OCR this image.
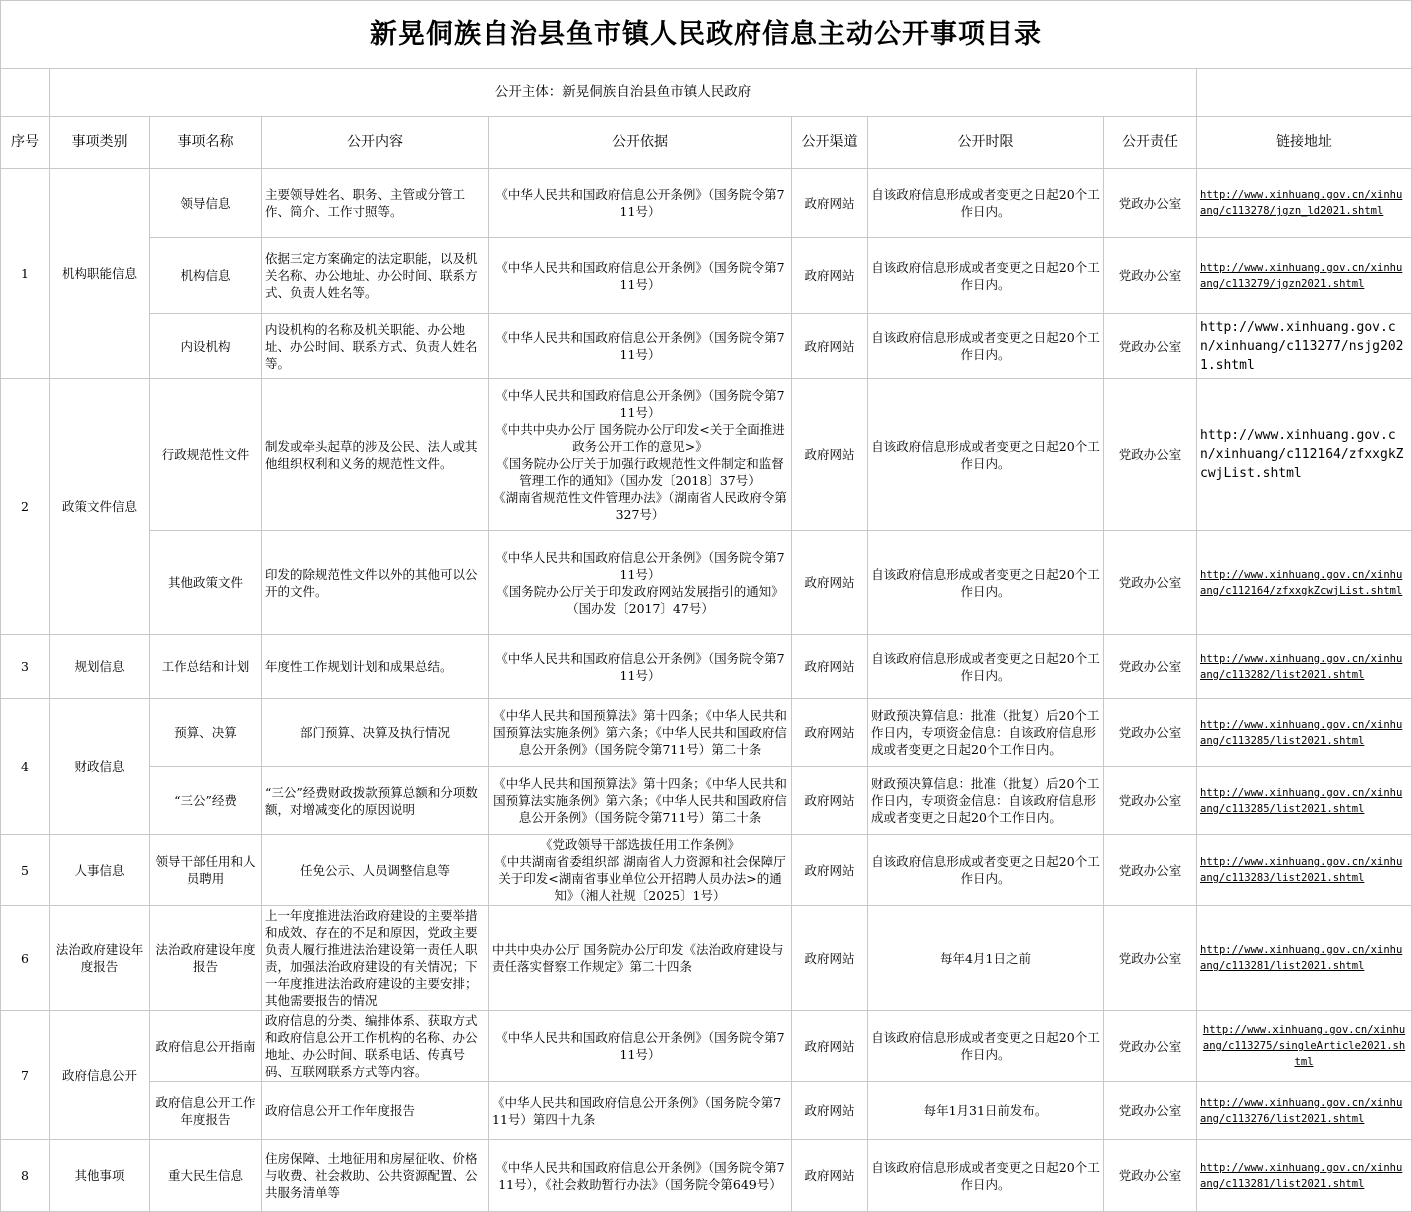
新晃侗族自治县鱼市镇人民政府信息主动公开事项目录								
	公开主体：新晃侗族自治县鱼市镇人民政府							
序号	事项类别	事项名称	公开内容	公开依据	公开渠道	公开时限	公开责任	链接地址
1	机构职能信息	领导信息	主要领导姓名、职务、主管或分管工作、简介、工作寸照等。	《中华人民共和国政府信息公开条例》（国务院令第711号）	政府网站	自该政府信息形成或者变更之日起20个工作日内。	党政办公室	http://www.xinhuang.gov.cn/xinhuang/c113278/jgzn_ld2021.shtml

		机构信息	依据三定方案确定的法定职能，以及机关名称、办公地址、办公时间、联系方式、负责人姓名等。	《中华人民共和国政府信息公开条例》（国务院令第711号）	政府网站	自该政府信息形成或者变更之日起20个工作日内。	党政办公室	http://www.xinhuang.gov.cn/xinhuang/c113279/jgzn2021.shtml

		内设机构	内设机构的名称及机关职能、办公地址、办公时间、联系方式、负责人姓名等。	《中华人民共和国政府信息公开条例》（国务院令第711号）	政府网站	自该政府信息形成或者变更之日起20个工作日内。	党政办公室	http://www.xinhuang.gov.cn/xinhuang/c113277/nsjg2021.shtml

2	政策文件信息	行政规范性文件	制发或牵头起草的涉及公民、法人或其他组织权利和义务的规范性文件。	《中华人民共和国政府信息公开条例》（国务院令第711号）
《中共中央办公厅 国务院办公厅印发<关于全面推进政务公开工作的意见>》
《国务院办公厅关于加强行政规范性文件制定和监督管理工作的通知》（国办发〔2018〕37号）
《湖南省规范性文件管理办法》（湖南省人民政府令第327号）	政府网站	自该政府信息形成或者变更之日起20个工作日内。	党政办公室	http://www.xinhuang.gov.cn/xinhuang/c112164/zfxxgkZcwjList.shtml

		其他政策文件	印发的除规范性文件以外的其他可以公开的文件。	《中华人民共和国政府信息公开条例》（国务院令第711号）
《国务院办公厅关于印发政府网站发展指引的通知》（国办发〔2017〕47号）	政府网站	自该政府信息形成或者变更之日起20个工作日内。	党政办公室	http://www.xinhuang.gov.cn/xinhuang/c112164/zfxxgkZcwjList.shtml

3	规划信息	工作总结和计划	年度性工作规划计划和成果总结。	《中华人民共和国政府信息公开条例》（国务院令第711号）	政府网站	自该政府信息形成或者变更之日起20个工作日内。	党政办公室	http://www.xinhuang.gov.cn/xinhuang/c113282/list2021.shtml

4	财政信息	预算、决算	部门预算、决算及执行情况	《中华人民共和国预算法》第十四条；《中华人民共和国预算法实施条例》第六条；《中华人民共和国政府信息公开条例》（国务院令第711号）第二十条	政府网站	财政预决算信息：批准（批复）后20个工作日内，专项资金信息：自该政府信息形成或者变更之日起20个工作日内。	党政办公室	http://www.xinhuang.gov.cn/xinhuang/c113285/list2021.shtml

		“三公”经费	“三公”经费财政拨款预算总额和分项数额，对增减变化的原因说明	《中华人民共和国预算法》第十四条；《中华人民共和国预算法实施条例》第六条；《中华人民共和国政府信息公开条例》（国务院令第711号）第二十条	政府网站	财政预决算信息：批准（批复）后20个工作日内，专项资金信息：自该政府信息形成或者变更之日起20个工作日内。	党政办公室	http://www.xinhuang.gov.cn/xinhuang/c113285/list2021.shtml

5	人事信息	领导干部任用和人员聘用	任免公示、人员调整信息等	《党政领导干部选拔任用工作条例》
《中共湖南省委组织部 湖南省人力资源和社会保障厅关于印发<湖南省事业单位公开招聘人员办法>的通知》（湘人社规〔2025〕1号）	政府网站	自该政府信息形成或者变更之日起20个工作日内。	党政办公室	http://www.xinhuang.gov.cn/xinhuang/c113283/list2021.shtml

6	法治政府建设年度报告	法治政府建设年度报告	上一年度推进法治政府建设的主要举措和成效、存在的不足和原因，党政主要负责人履行推进法治建设第一责任人职责，加强法治政府建设的有关情况；下一年度推进法治政府建设的主要安排；其他需要报告的情况	中共中央办公厅 国务院办公厅印发《法治政府建设与责任落实督察工作规定》第二十四条	政府网站	每年4月1日之前	党政办公室	http://www.xinhuang.gov.cn/xinhuang/c113281/list2021.shtml

7	政府信息公开	政府信息公开指南	政府信息的分类、编排体系、获取方式和政府信息公开工作机构的名称、办公地址、办公时间、联系电话、传真号码、互联网联系方式等内容。	《中华人民共和国政府信息公开条例》（国务院令第711号）	政府网站	自该政府信息形成或者变更之日起20个工作日内。	党政办公室	http://www.xinhuang.gov.cn/xinhuang/c113275/singleArticle2021.shtml

		政府信息公开工作年度报告	政府信息公开工作年度报告	《中华人民共和国政府信息公开条例》（国务院令第711号）第四十九条	政府网站	每年1月31日前发布。	党政办公室	http://www.xinhuang.gov.cn/xinhuang/c113276/list2021.shtml

8	其他事项	重大民生信息	住房保障、土地征用和房屋征收、价格与收费、社会救助、公共资源配置、公共服务清单等	《中华人民共和国政府信息公开条例》（国务院令第711号），《社会救助暂行办法》（国务院令第649号）	政府网站	自该政府信息形成或者变更之日起20个工作日内。	党政办公室	http://www.xinhuang.gov.cn/xinhuang/c113281/list2021.shtml
